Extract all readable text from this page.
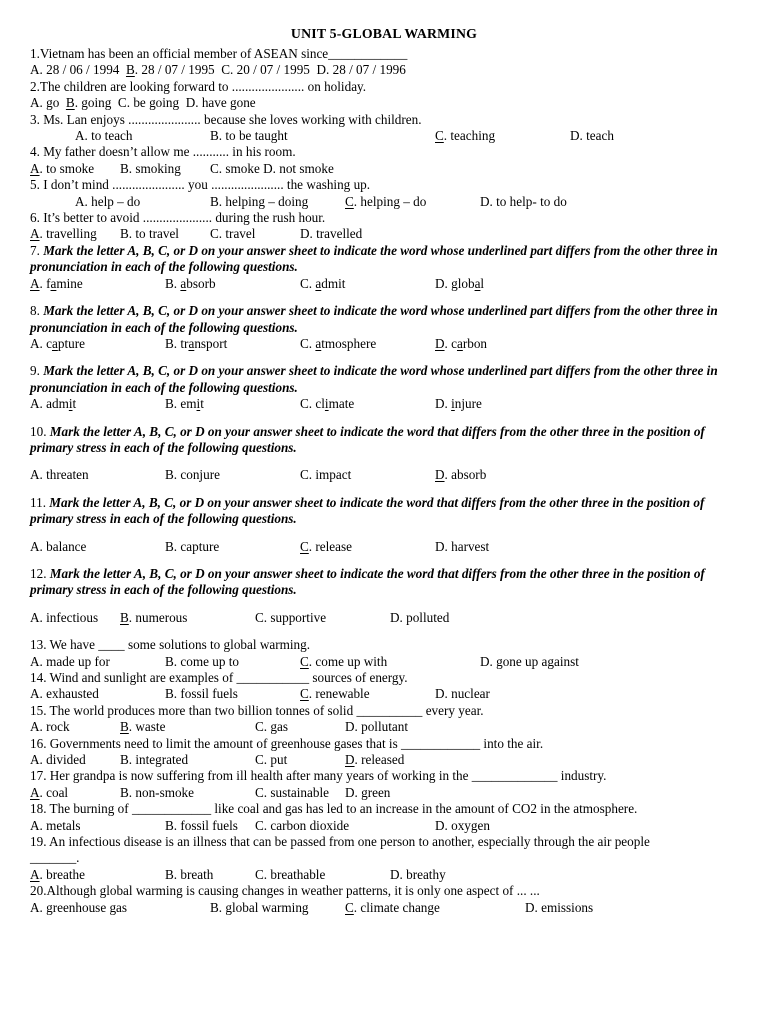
UNIT 5-GLOBAL WARMING
1.Vietnam has been an official member of ASEAN since____________
A. 28 / 06 / 1994  B. 28 / 07 / 1995  C. 20 / 07 / 1995  D. 28 / 07 / 1996
2.The children are looking forward to ...................... on holiday.
A. go  B. going  C. be going  D. have gone
3. Ms. Lan enjoys ...................... because she loves working with children.
	A. to teach		B. to be taught				C. teaching		D. teach
4. My father doesn’t allow me ........... in his room.
A. to smoke	B. smoking	C. smoke D. not smoke
5. I don’t mind ...................... you ...................... the washing up.
	A. help – do		B. helping – doing	C. helping – do		D. to help- to do
6. It’s better to avoid ..................... during the rush hour.
A. travelling	B. to travel	C. travel	D. travelled
7. Mark the letter A, B, C, or D on your answer sheet to indicate the word whose underlined part differs from the other three in pronunciation in each of the following questions.
A. famine		B. absorb		C. admit		D. global
8. Mark the letter A, B, C, or D on your answer sheet to indicate the word whose underlined part differs from the other three in pronunciation in each of the following questions.
A. capture		B. transport		C. atmosphere		D. carbon
9. Mark the letter A, B, C, or D on your answer sheet to indicate the word whose underlined part differs from the other three in pronunciation in each of the following questions.
A. admit		B. emit			C. climate		D. injure
10. Mark the letter A, B, C, or D on your answer sheet to indicate the word that differs from the other three in the position of primary stress in each of the following questions.
A. threaten		B. conjure		C. impact		D. absorb
11. Mark the letter A, B, C, or D on your answer sheet to indicate the word that differs from the other three in the position of primary stress in each of the following questions.
A. balance		B. capture		C. release		D. harvest
12. Mark the letter A, B, C, or D on your answer sheet to indicate the word that differs from the other three in the position of primary stress in each of the following questions.
A. infectious	B. numerous		C. supportive		D. polluted
13. We have ____ some solutions to global warming.
A. made up for		B. come up to		C. come up with			D. gone up against
14. Wind and sunlight are examples of ___________ sources of energy.
A. exhausted		B. fossil fuels		C. renewable		D. nuclear
15. The world produces more than two billion tonnes of solid __________ every year.
A. rock		B. waste		C. gas		D. pollutant
16. Governments need to limit the amount of greenhouse gases that is ____________ into the air.
A. divided	B. integrated		C. put		D. released
17. Her grandpa is now suffering from ill health after many years of working in the _____________ industry.
A. coal		B. non-smoke		C. sustainable	D. green
18. The burning of ____________ like coal and gas has led to an increase in the amount of CO2 in the atmosphere.
A. metals		B. fossil fuels	C. carbon dioxide		D. oxygen
19. An infectious disease is an illness that can be passed from one person to another, especially through the air people
_______.
A. breathe		B. breath	C. breathable		D. breathy
20.Although global warming is causing changes in weather patterns, it is only one aspect of ... ...
A. greenhouse gas		B. global warming	C. climate change		D. emissions
